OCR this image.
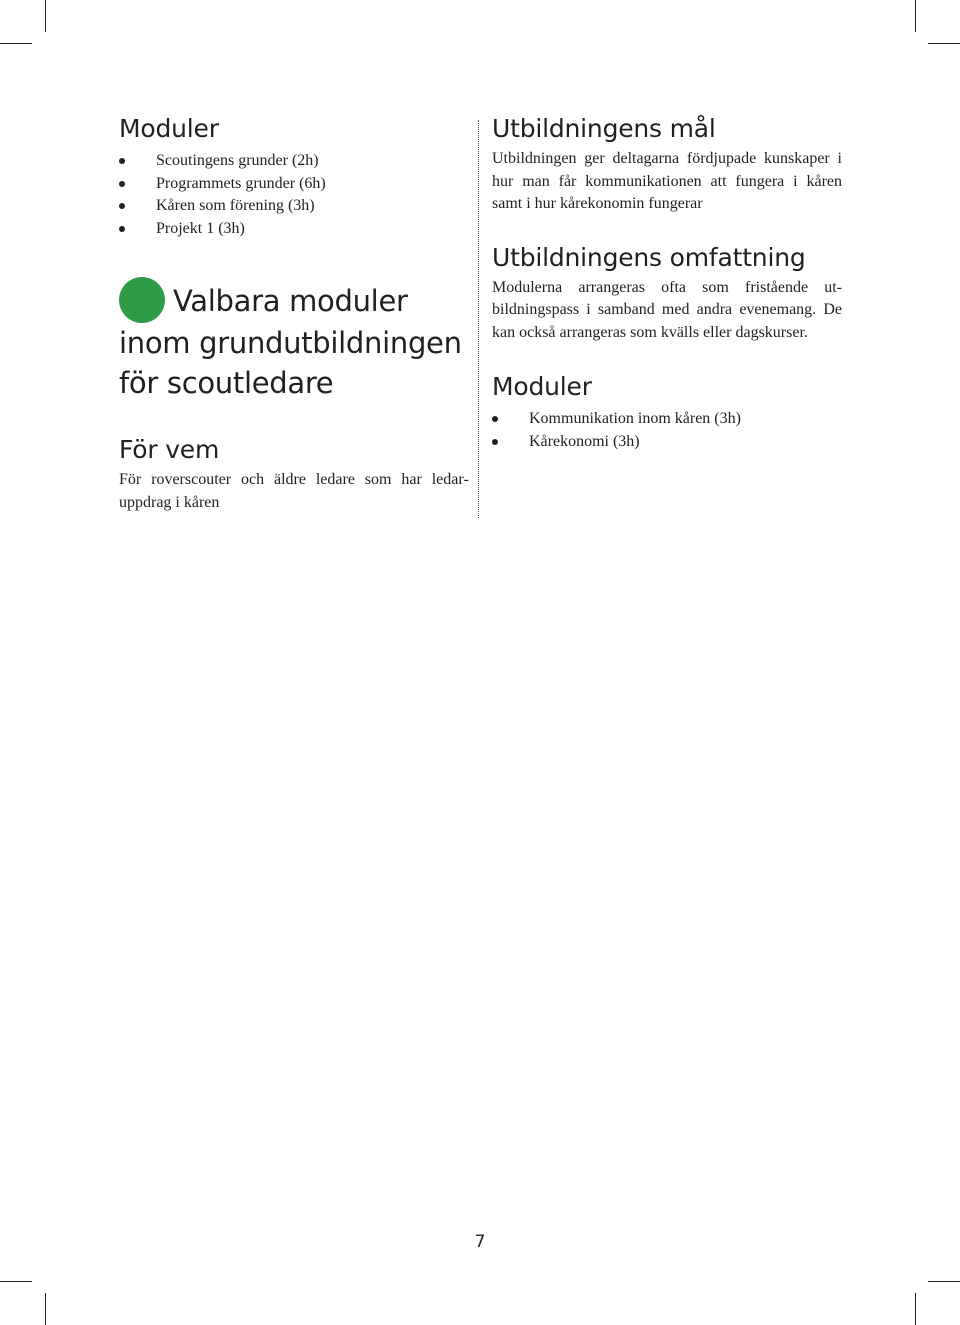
Moduler
Scoutingens grunder (2h)
Programmets grunder (6h)
Kåren som förening (3h)
Projekt 1 (3h)
Valbara moduler
inom grundutbildningen
för scoutledare
För vem

För roverscouter och äldre ledare som har ledaruppdrag i kåren

Utbildningens mål

Utbildningen ger deltagarna fördjupade kunskaper i hur man får kommunikationen att fungera i kåren samt i hur kårekonomin fungerar

Utbildningens omfattning

Modulerna arrangeras ofta som fristående utbildningspass i samband med andra evenemang. De kan också arrangeras som kvälls eller dagskurser.

Moduler
Kommunikation inom kåren (3h)
Kårekonomi (3h)
7
